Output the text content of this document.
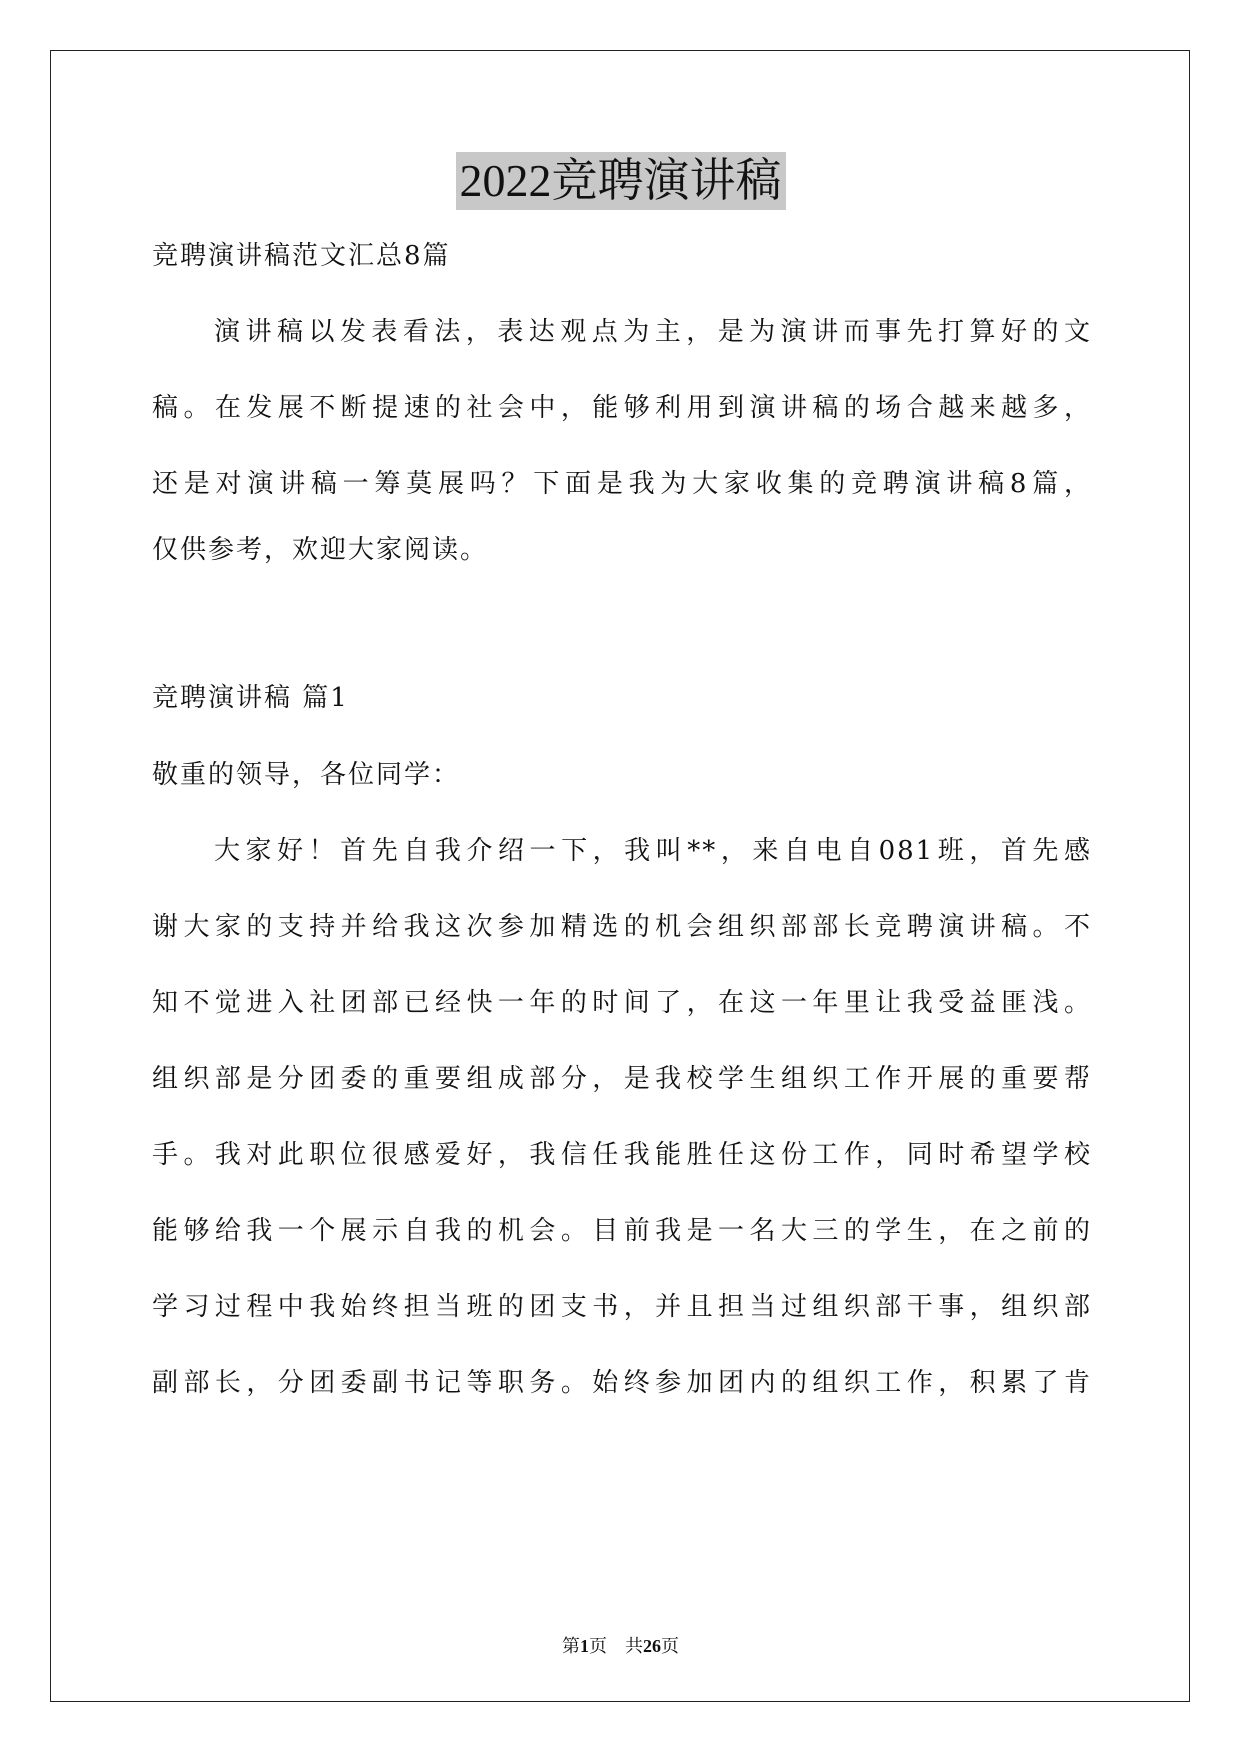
2022竞聘演讲稿
竞聘演讲稿范文汇总8篇
演讲稿以发表看法，表达观点为主，是为演讲而事先打算好的文
稿。在发展不断提速的社会中，能够利用到演讲稿的场合越来越多，
还是对演讲稿一筹莫展吗？下面是我为大家收集的竞聘演讲稿8篇，
仅供参考，欢迎大家阅读。
竞聘演讲稿 篇1
敬重的领导，各位同学：
大家好！首先自我介绍一下，我叫**，来自电自081班，首先感
谢大家的支持并给我这次参加精选的机会组织部部长竞聘演讲稿。不
知不觉进入社团部已经快一年的时间了，在这一年里让我受益匪浅。
组织部是分团委的重要组成部分，是我校学生组织工作开展的重要帮
手。我对此职位很感爱好，我信任我能胜任这份工作，同时希望学校
能够给我一个展示自我的机会。目前我是一名大三的学生，在之前的
学习过程中我始终担当班的团支书，并且担当过组织部干事，组织部
副部长，分团委副书记等职务。始终参加团内的组织工作，积累了肯
第1页　共26页
